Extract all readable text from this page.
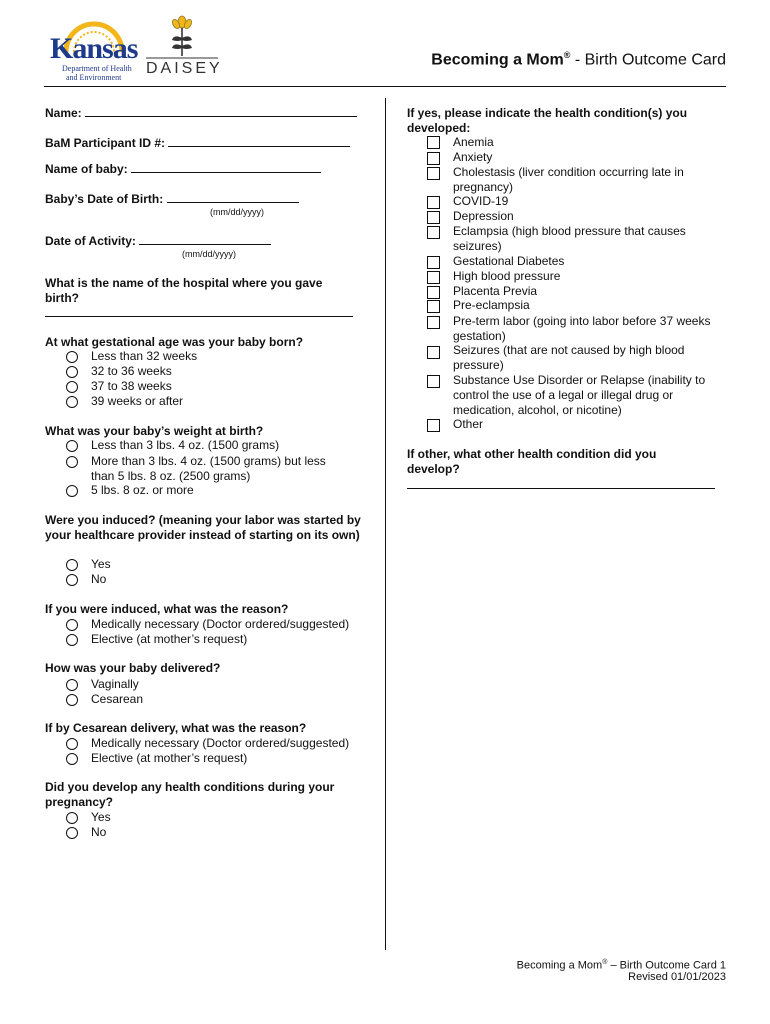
Kansas
Department of Health
and Environment
DAISEY
Becoming a Mom® - Birth Outcome Card
Name:
BaM Participant ID #:
Name of baby:
Baby’s Date of Birth:
(mm/dd/yyyy)
Date of Activity:
(mm/dd/yyyy)
What is the name of the hospital where you gave birth?
At what gestational age was your baby born?
Less than 32 weeks
32 to 36 weeks
37 to 38 weeks
39 weeks or after
What was your baby’s weight at birth?
Less than 3 lbs. 4 oz. (1500 grams)
More than 3 lbs. 4 oz. (1500 grams) but less than 5 lbs. 8 oz. (2500 grams)
5 lbs. 8 oz. or more
Were you induced? (meaning your labor was started by your healthcare provider instead of starting on its own)
Yes
No
If you were induced, what was the reason?
Medically necessary (Doctor ordered/suggested)
Elective (at mother’s request)
How was your baby delivered?
Vaginally
Cesarean
If by Cesarean delivery, what was the reason?
Medically necessary (Doctor ordered/suggested)
Elective (at mother’s request)
Did you develop any health conditions during your pregnancy?
Yes
No
If yes, please indicate the health condition(s) you developed:
Anemia
Anxiety
Cholestasis (liver condition occurring late in pregnancy)
COVID-19
Depression
Eclampsia (high blood pressure that causes seizures)
Gestational Diabetes
High blood pressure
Placenta Previa
Pre-eclampsia
Pre-term labor (going into labor before 37 weeks gestation)
Seizures (that are not caused by high blood pressure)
Substance Use Disorder or Relapse (inability to control the use of a legal or illegal drug or medication, alcohol, or nicotine)
Other
If other, what other health condition did you develop?
Becoming a Mom® – Birth Outcome Card 1
Revised 01/01/2023
